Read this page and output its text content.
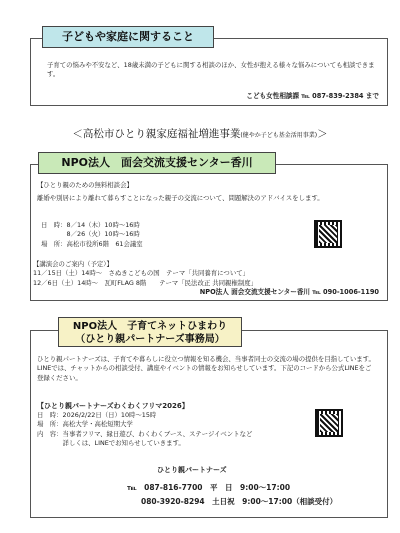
子育ての悩みや不安など、18歳未満の子どもに関する相談のほか、女性が抱える様々な悩みについても相談できます。
こども女性相談課 ℡ 087-839-2384 まで
子どもや家庭に関すること
＜高松市ひとり親家庭福祉増進事業(健やか子ども基金活用事業)＞
【ひとり親のための無料相談会】
離婚や別居により離れて暮らすことになった親子の交流について、問題解決のアドバイスをします。
日　時：8／14（木）10時～16時
　　　　8／26（火）10時～16時
場　所：高松市役所6階　61会議室
【講演会のご案内（予定）】
11／15日（土）14時～　さぬきこどもの国　テーマ「共同養育について」
12／6日（土）14時～　瓦町FLAG 8階　　テーマ「民法改正 共同親権制度」
NPO法人 面会交流支援センター香川 ℡ 090-1006-1190
NPO法人　面会交流支援センター香川
ひとり親パートナーズは、子育てや暮らしに役立つ情報を知る機会、当事者同士の交流の場の提供を目指しています。LINEでは、チャットからの相談受付、講座やイベントの情報をお知らせしています。下記のコードから公式LINEをご登録ください。
【ひとり親パートナーズわくわくフリマ2026】
日　時：2026/2/22日（日）10時～15時
場　所：高松大学・高松短期大学
内　容：当事者フリマ、縁日遊び、わくわくブース、ステージイベントなど
　　　　詳しくは、LINEでお知らせしていきます。
ひとり親パートナーズ
℡　087-816-7700　平　日　9:00～17:00
080-3920-8294　土日祝　9:00～17:00（相談受付）
NPO法人　子育てネットひまわり
（ひとり親パートナーズ事務局）
